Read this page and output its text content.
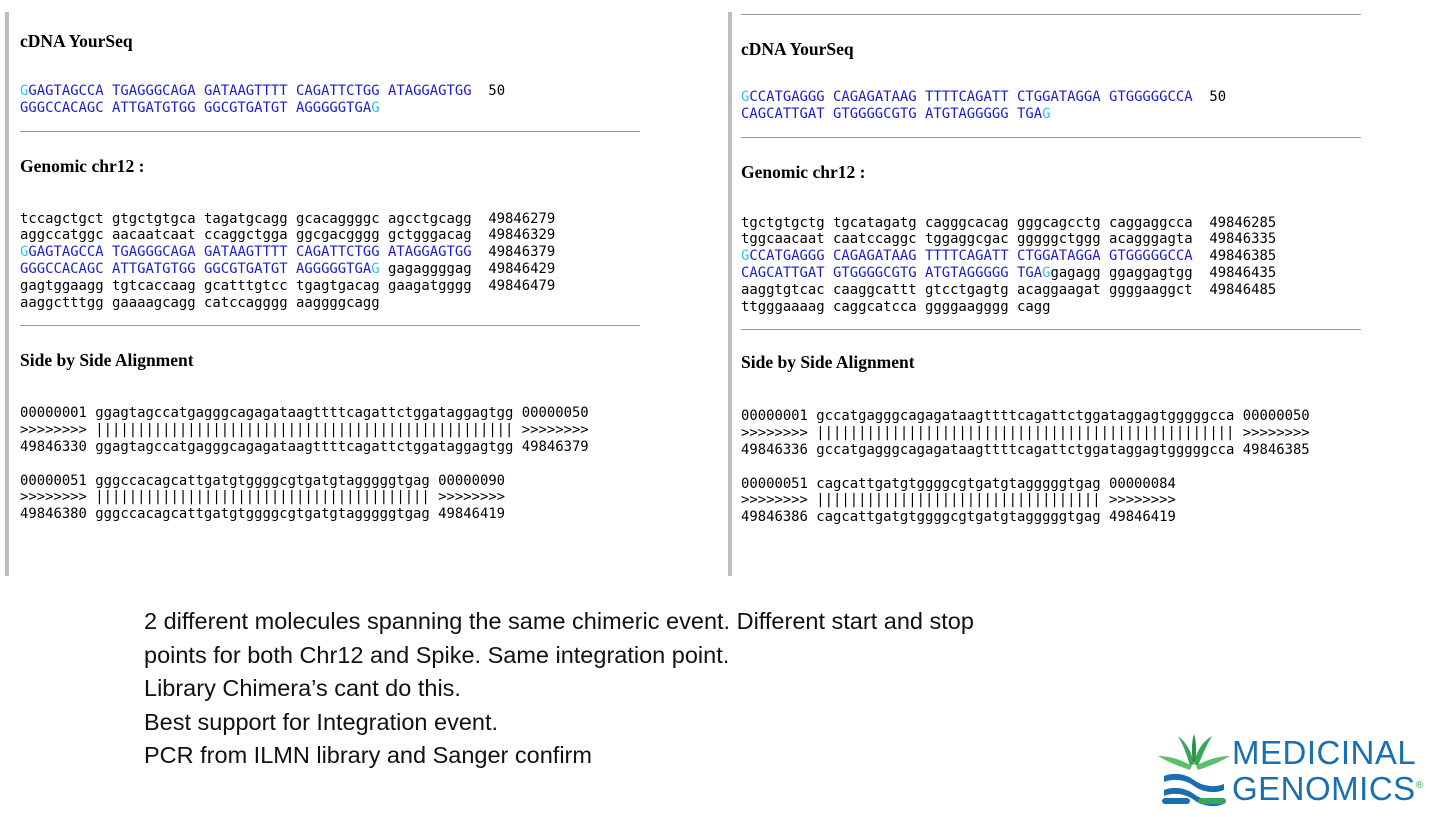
cDNA YourSeq
GGAGTAGCCA TGAGGGCAGA GATAAGTTTT CAGATTCTGG ATAGGAGTGG  50
GGGCCACAGC ATTGATGTGG GGCGTGATGT AGGGGGTGAG
Genomic chr12 :
tccagctgct gtgctgtgca tagatgcagg gcacaggggc agcctgcagg  49846279
aggccatggc aacaatcaat ccaggctgga ggcgacgggg gctgggacag  49846329
GGAGTAGCCA TGAGGGCAGA GATAAGTTTT CAGATTCTGG ATAGGAGTGG  49846379
GGGCCACAGC ATTGATGTGG GGCGTGATGT AGGGGGTGAG gagaggggag  49846429
gagtggaagg tgtcaccaag gcatttgtcc tgagtgacag gaagatgggg  49846479
aaggctttgg gaaaagcagg catccagggg aaggggcagg
Side by Side Alignment
00000001 ggagtagccatgagggcagagataagttttcagattctggataggagtgg 00000050
>>>>>>>> |||||||||||||||||||||||||||||||||||||||||||||||||| >>>>>>>>
49846330 ggagtagccatgagggcagagataagttttcagattctggataggagtgg 49846379

00000051 gggccacagcattgatgtggggcgtgatgtagggggtgag 00000090
>>>>>>>> |||||||||||||||||||||||||||||||||||||||| >>>>>>>>
49846380 gggccacagcattgatgtggggcgtgatgtagggggtgag 49846419
cDNA YourSeq
GCCATGAGGG CAGAGATAAG TTTTCAGATT CTGGATAGGA GTGGGGGCCA  50
CAGCATTGAT GTGGGGCGTG ATGTAGGGGG TGAG
Genomic chr12 :
tgctgtgctg tgcatagatg cagggcacag gggcagcctg caggaggcca  49846285
tggcaacaat caatccaggc tggaggcgac gggggctggg acagggagta  49846335
GCCATGAGGG CAGAGATAAG TTTTCAGATT CTGGATAGGA GTGGGGGCCA  49846385
CAGCATTGAT GTGGGGCGTG ATGTAGGGGG TGAGgagagg ggaggagtgg  49846435
aaggtgtcac caaggcattt gtcctgagtg acaggaagat ggggaaggct  49846485
ttgggaaaag caggcatcca ggggaagggg cagg
Side by Side Alignment
00000001 gccatgagggcagagataagttttcagattctggataggagtgggggcca 00000050
>>>>>>>> |||||||||||||||||||||||||||||||||||||||||||||||||| >>>>>>>>
49846336 gccatgagggcagagataagttttcagattctggataggagtgggggcca 49846385

00000051 cagcattgatgtggggcgtgatgtagggggtgag 00000084
>>>>>>>> |||||||||||||||||||||||||||||||||| >>>>>>>>
49846386 cagcattgatgtggggcgtgatgtagggggtgag 49846419
2 different molecules spanning the same chimeric event. Different start and stop
points for both Chr12 and Spike. Same integration point.
Library Chimera’s cant do this.
Best support for Integration event.
PCR from ILMN library and Sanger confirm	MEDICINAL
GENOMICS®
